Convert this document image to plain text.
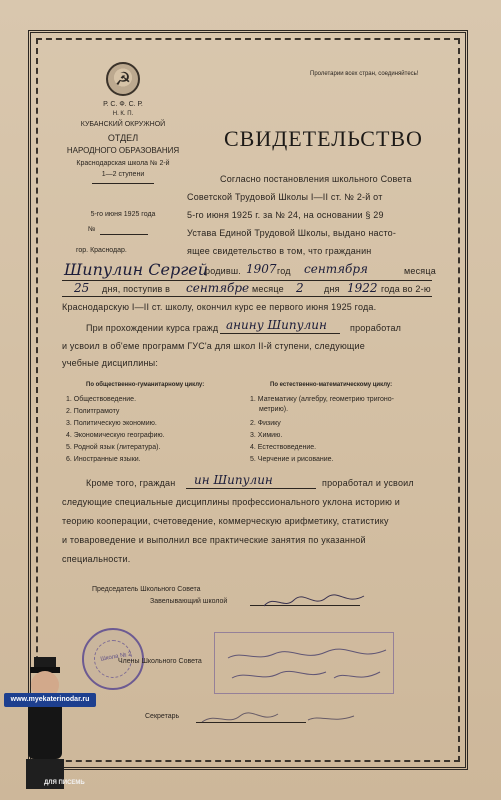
☭
Р. С. Ф. С. Р.
Н. К. П.
КУБАНСКИЙ ОКРУЖНОЙ
ОТДЕЛ
НАРОДНОГО ОБРАЗОВАНИЯ
Краснодарская школа № 2-й
1—2 ступени
5-го июня 1925 года
№
гор. Краснодар.
Пролетарии всех стран, соединяйтесь!
СВИДЕТЕЛЬСТВО
Согласно постановления школьного Совета
Советской Трудовой Школы I—II ст. № 2-й от
5-го июня 1925 г. за № 24, на основании § 29
Устава Единой Трудовой Школы, выдано насто-
ящее свидетельство в том, что гражданин
Шипулин Сергей
родивш. 1907 год сентября	месяца
25 дня, поступив в сентябре месяце 2 дня 1922 года во 2-ю
Краснодарскую I—II ст. школу, окончил курс ее первого июня 1925 года.
При прохождении курса гражд анину Шипулин	проработал
и усвоил в об'еме программ ГУС'а для школ II-й ступени, следующие
учебные дисциплины:
По общественно-гуманитарному циклу:
1. Обществоведение.
2. Политграмоту
3. Политическую экономию.
4. Экономическую географию.
5. Родной язык (литература).
6. Иностранные языки.
По естественно-математическому циклу:
1. Математику (алгебру, геометрию тригоно-
метрию).
2. Физику
3. Химию.
4. Естествоведение.
5. Черчение и рисование.
Кроме того, граждан ин Шипулин	проработал и усвоил
следующие специальные дисциплины профессионального уклона историю и
теорию кооперации, счетоведение, коммерческую арифметику, статистику
и товароведение и выполнил все практические занятия по указанной
специальности.
Председатель Школьного Совета
Завелывающий школой
Школа № 2
Члены Школьного Совета
Секретарь
www.myekaterinodar.ru
ДЛЯ ПИСЕМЬ
